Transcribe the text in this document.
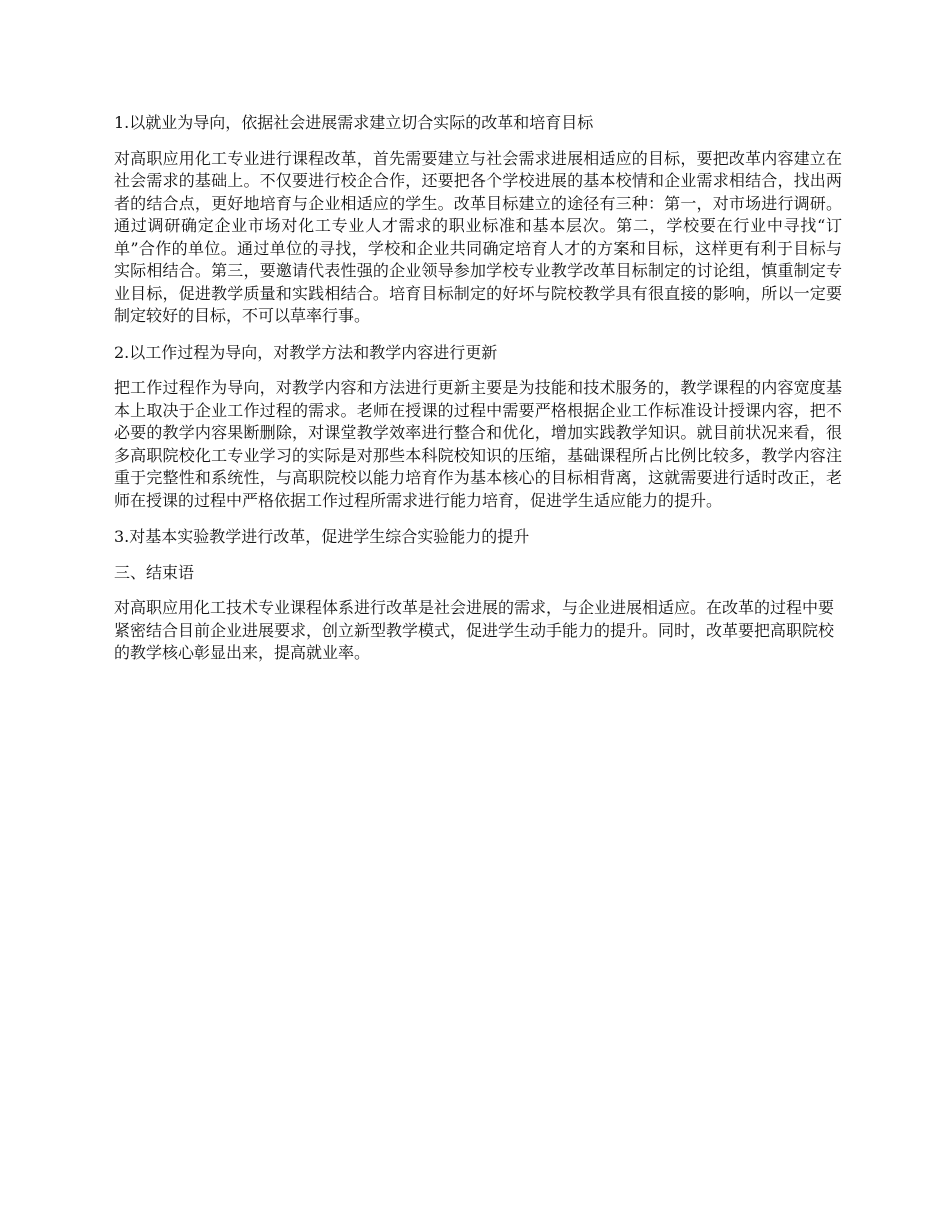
1.以就业为导向，依据社会进展需求建立切合实际的改革和培育目标

对高职应用化工专业进行课程改革，首先需要建立与社会需求进展相适应的目标，要把改革内容建立在社会需求的基础上。不仅要进行校企合作，还要把各个学校进展的基本校情和企业需求相结合，找出两者的结合点，更好地培育与企业相适应的学生。改革目标建立的途径有三种：第一，对市场进行调研。通过调研确定企业市场对化工专业人才需求的职业标准和基本层次。第二，学校要在行业中寻找“订单”合作的单位。通过单位的寻找，学校和企业共同确定培育人才的方案和目标，这样更有利于目标与实际相结合。第三，要邀请代表性强的企业领导参加学校专业教学改革目标制定的讨论组，慎重制定专业目标，促进教学质量和实践相结合。培育目标制定的好坏与院校教学具有很直接的影响，所以一定要制定较好的目标，不可以草率行事。

2.以工作过程为导向，对教学方法和教学内容进行更新

把工作过程作为导向，对教学内容和方法进行更新主要是为技能和技术服务的，教学课程的内容宽度基本上取决于企业工作过程的需求。老师在授课的过程中需要严格根据企业工作标准设计授课内容，把不必要的教学内容果断删除，对课堂教学效率进行整合和优化，增加实践教学知识。就目前状况来看，很多高职院校化工专业学习的实际是对那些本科院校知识的压缩，基础课程所占比例比较多，教学内容注重于完整性和系统性，与高职院校以能力培育作为基本核心的目标相背离，这就需要进行适时改正，老师在授课的过程中严格依据工作过程所需求进行能力培育，促进学生适应能力的提升。

3.对基本实验教学进行改革，促进学生综合实验能力的提升

三、结束语

对高职应用化工技术专业课程体系进行改革是社会进展的需求，与企业进展相适应。在改革的过程中要紧密结合目前企业进展要求，创立新型教学模式，促进学生动手能力的提升。同时，改革要把高职院校的教学核心彰显出来，提高就业率。
